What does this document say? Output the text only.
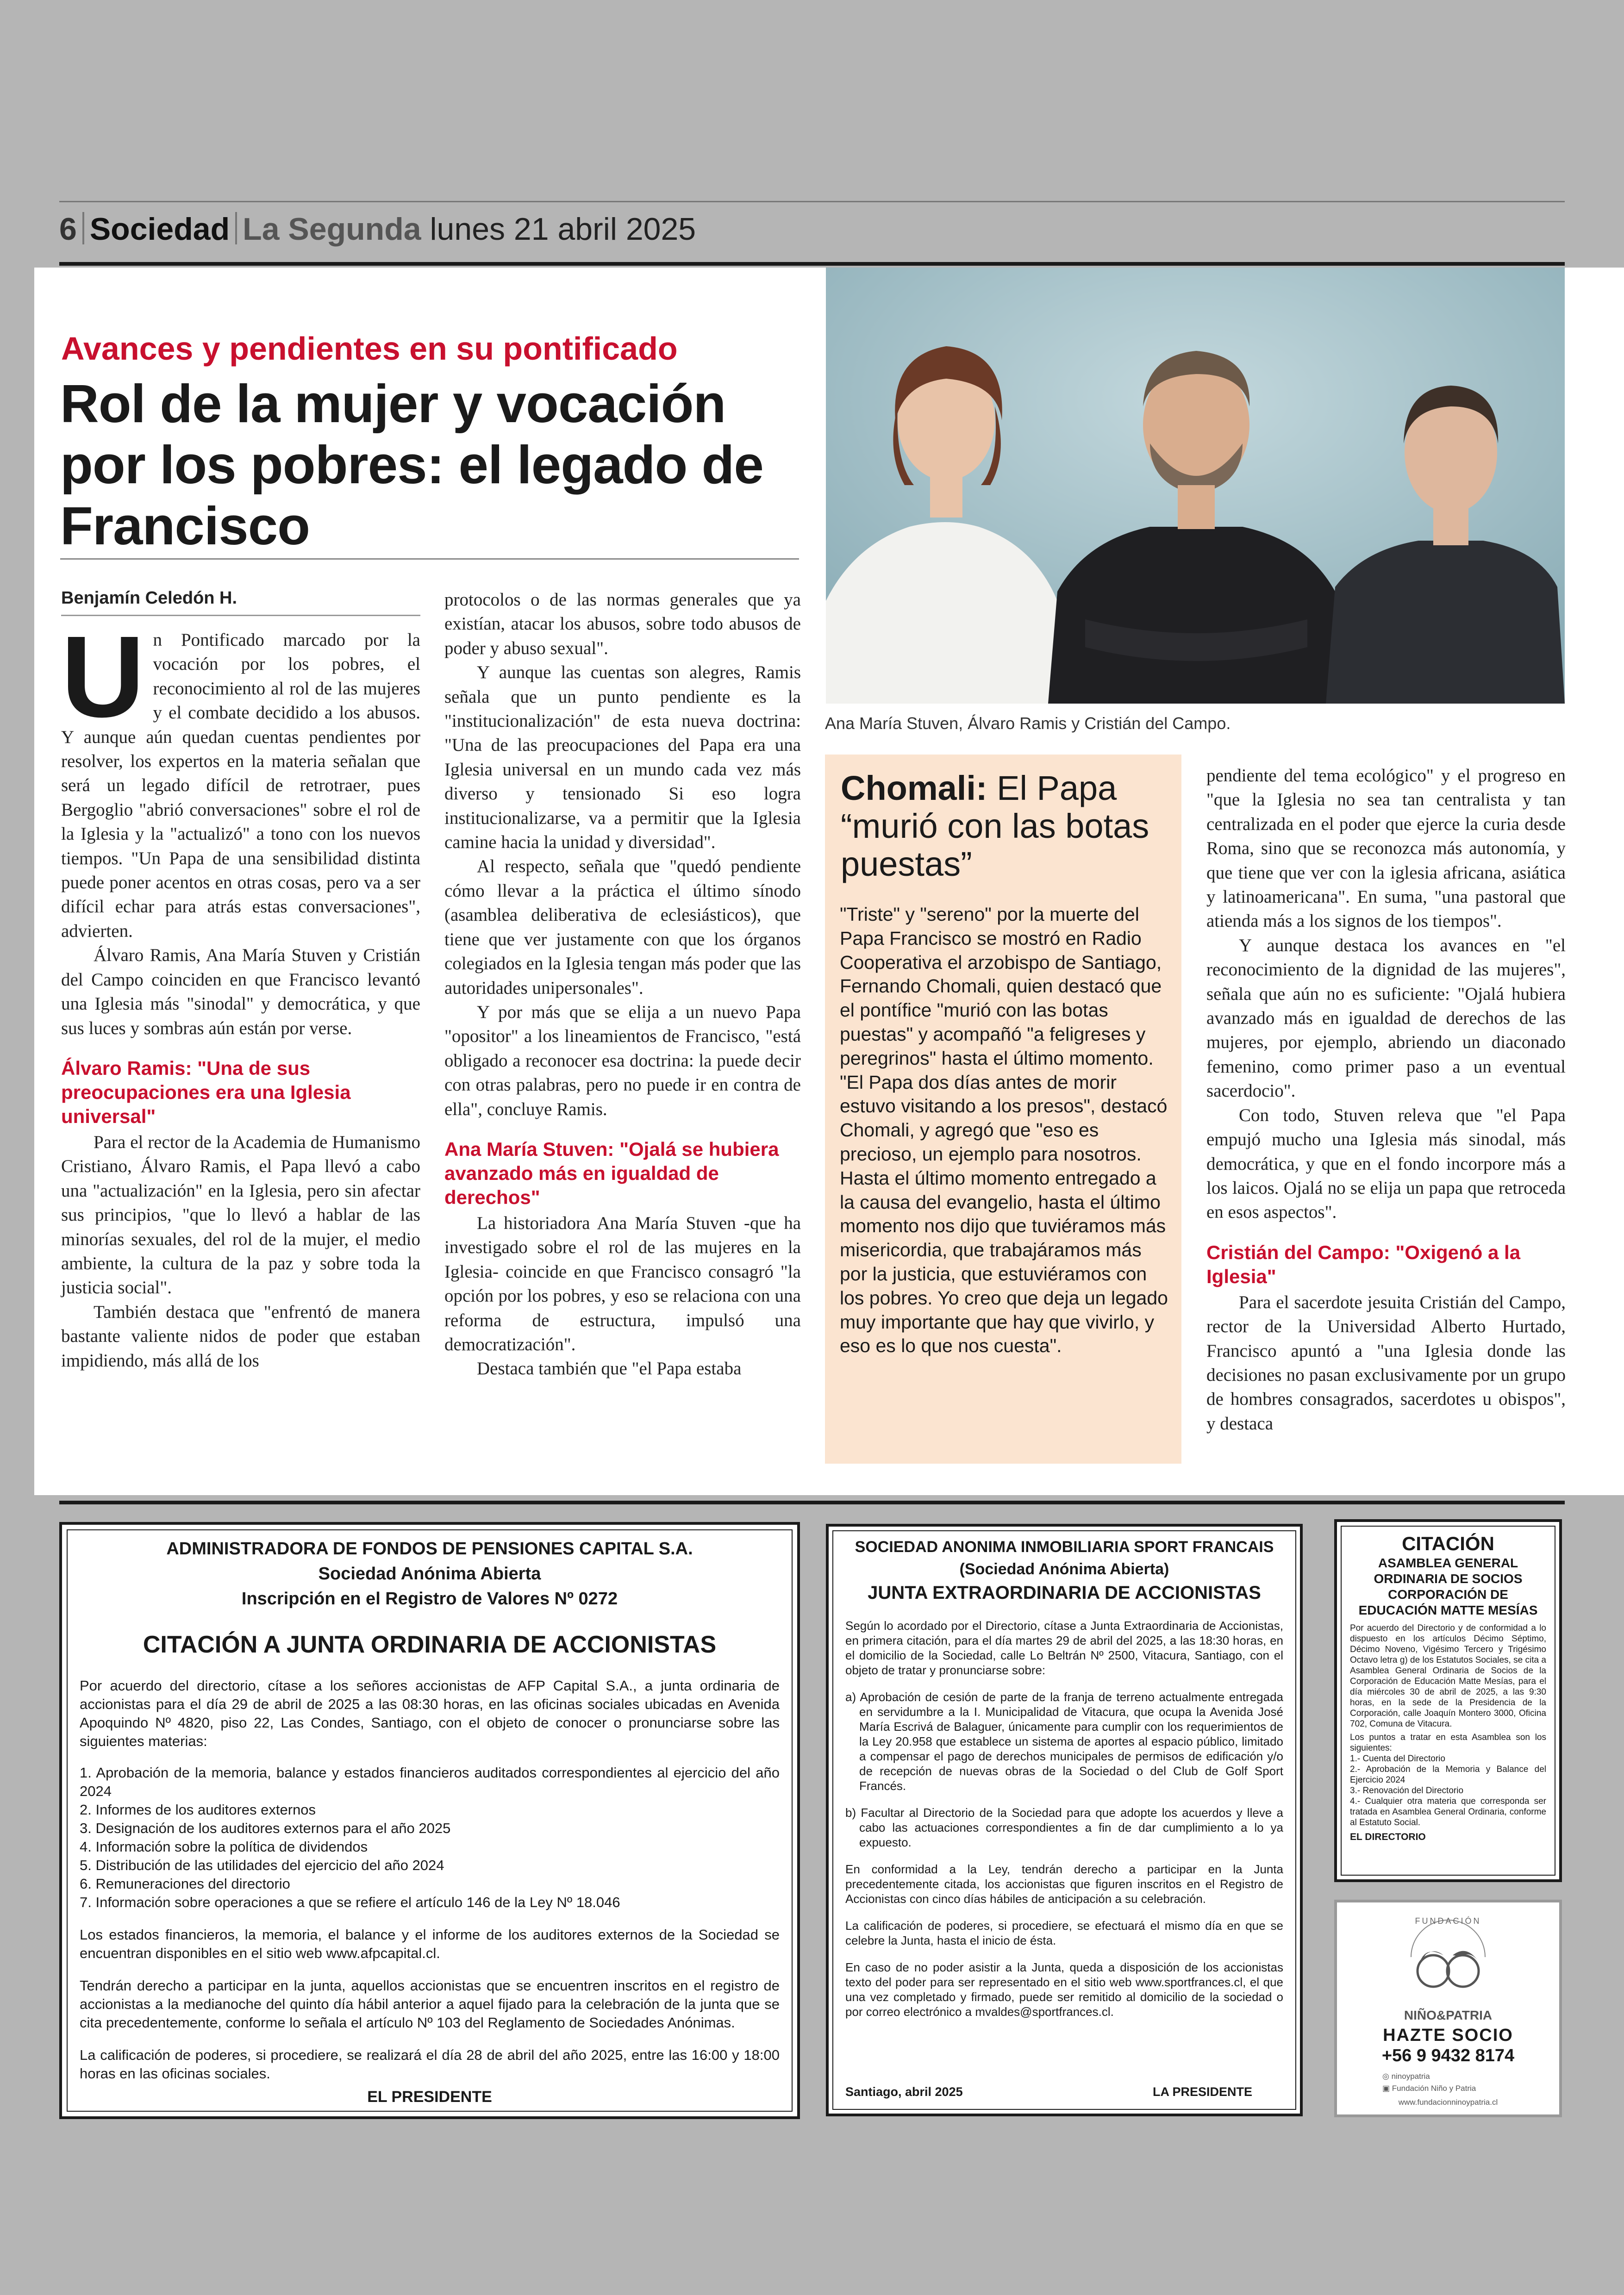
6 Sociedad La Segunda lunes 21 abril 2025
Avances y pendientes en su pontificado
Rol de la mujer y vocación por los pobres: el legado de Francisco
Ana María Stuven, Álvaro Ramis y Cristián del Campo.

Benjamín Celedón H.

Un Pontificado marcado por la vocación por los pobres, el reconocimiento al rol de las mujeres y el combate decidido a los abusos. Y aunque aún quedan cuentas pendientes por resolver, los expertos en la materia señalan que será un legado difícil de retrotraer, pues Bergoglio "abrió conversaciones" sobre el rol de la Iglesia y la "actualizó" a tono con los nuevos tiempos. "Un Papa de una sensibilidad distinta puede poner acentos en otras cosas, pero va a ser difícil echar para atrás estas conversaciones", advierten.

Álvaro Ramis, Ana María Stuven y Cristián del Campo coinciden en que Francisco levantó una Iglesia más "sinodal" y democrática, y que sus luces y sombras aún están por verse.

Álvaro Ramis: "Una de sus preocupaciones era una Iglesia universal"

Para el rector de la Academia de Humanismo Cristiano, Álvaro Ramis, el Papa llevó a cabo una "actualización" en la Iglesia, pero sin afectar sus principios, "que lo llevó a hablar de las minorías sexuales, del rol de la mujer, el medio ambiente, la cultura de la paz y sobre toda la justicia social".

También destaca que "enfrentó de manera bastante valiente nidos de poder que estaban impidiendo, más allá de los

protocolos o de las normas generales que ya existían, atacar los abusos, sobre todo abusos de poder y abuso sexual".

Y aunque las cuentas son alegres, Ramis señala que un punto pendiente es la "institucionalización" de esta nueva doctrina: "Una de las preocupaciones del Papa era una Iglesia universal en un mundo cada vez más diverso y tensionado Si eso logra institucionalizarse, va a permitir que la Iglesia camine hacia la unidad y diversidad".

Al respecto, señala que "quedó pendiente cómo llevar a la práctica el último sínodo (asamblea deliberativa de eclesiásticos), que tiene que ver justamente con que los órganos colegiados en la Iglesia tengan más poder que las autoridades unipersonales".

Y por más que se elija a un nuevo Papa "opositor" a los lineamientos de Francisco, "está obligado a reconocer esa doctrina: la puede decir con otras palabras, pero no puede ir en contra de ella", concluye Ramis.

Ana María Stuven: "Ojalá se hubiera avanzado más en igualdad de derechos"

La historiadora Ana María Stuven -que ha investigado sobre el rol de las mujeres en la Iglesia- coincide en que Francisco consagró "la opción por los pobres, y eso se relaciona con una reforma de estructura, impulsó una democratización".

Destaca también que "el Papa estaba

Chomali: El Papa “murió con las botas puestas”
"Triste" y "sereno" por la muerte del Papa Francisco se mostró en Radio Cooperativa el arzobispo de Santiago, Fernando Chomali, quien destacó que el pontífice "murió con las botas puestas" y acompañó "a feligreses y peregrinos" hasta el último momento. "El Papa dos días antes de morir estuvo visitando a los presos", destacó Chomali, y agregó que "eso es precioso, un ejemplo para nosotros. Hasta el último momento entregado a la causa del evangelio, hasta el último momento nos dijo que tuviéramos más misericordia, que trabajáramos más por la justicia, que estuviéramos con los pobres. Yo creo que deja un legado muy importante que hay que vivirlo, y eso es lo que nos cuesta".

pendiente del tema ecológico" y el progreso en "que la Iglesia no sea tan centralista y tan centralizada en el poder que ejerce la curia desde Roma, sino que se reconozca más autonomía, y que tiene que ver con la iglesia africana, asiática y latinoamericana". En suma, "una pastoral que atienda más a los signos de los tiempos".

Y aunque destaca los avances en "el reconocimiento de la dignidad de las mujeres", señala que aún no es suficiente: "Ojalá hubiera avanzado más en igualdad de derechos de las mujeres, por ejemplo, abriendo un diaconado femenino, como primer paso a un eventual sacerdocio".

Con todo, Stuven releva que "el Papa empujó mucho una Iglesia más sinodal, más democrática, y que en el fondo incorpore más a los laicos. Ojalá no se elija un papa que retroceda en esos aspectos".

Cristián del Campo: "Oxigenó a la Iglesia"

Para el sacerdote jesuita Cristián del Campo, rector de la Universidad Alberto Hurtado, Francisco apuntó a "una Iglesia donde las decisiones no pasan exclusivamente por un grupo de hombres consagrados, sacerdotes u obispos", y destaca

ADMINISTRADORA DE FONDOS DE PENSIONES CAPITAL S.A.
Sociedad Anónima Abierta
Inscripción en el Registro de Valores Nº 0272
CITACIÓN A JUNTA ORDINARIA DE ACCIONISTAS
Por acuerdo del directorio, cítase a los señores accionistas de AFP Capital S.A., a junta ordinaria de accionistas para el día 29 de abril de 2025 a las 08:30 horas, en las oficinas sociales ubicadas en Avenida Apoquindo Nº 4820, piso 22, Las Condes, Santiago, con el objeto de conocer o pronunciarse sobre las siguientes materias:
1. Aprobación de la memoria, balance y estados financieros auditados correspondientes al ejercicio del año 2024
2. Informes de los auditores externos
3. Designación de los auditores externos para el año 2025
4. Información sobre la política de dividendos
5. Distribución de las utilidades del ejercicio del año 2024
6. Remuneraciones del directorio
7. Información sobre operaciones a que se refiere el artículo 146 de la Ley Nº 18.046
Los estados financieros, la memoria, el balance y el informe de los auditores externos de la Sociedad se encuentran disponibles en el sitio web www.afpcapital.cl.
Tendrán derecho a participar en la junta, aquellos accionistas que se encuentren inscritos en el registro de accionistas a la medianoche del quinto día hábil anterior a aquel fijado para la celebración de la junta que se cita precedentemente, conforme lo señala el artículo Nº 103 del Reglamento de Sociedades Anónimas.
La calificación de poderes, si procediere, se realizará el día 28 de abril del año 2025, entre las 16:00 y 18:00 horas en las oficinas sociales.
EL PRESIDENTE
SOCIEDAD ANONIMA INMOBILIARIA SPORT FRANCAIS
(Sociedad Anónima Abierta)
JUNTA EXTRAORDINARIA DE ACCIONISTAS
Según lo acordado por el Directorio, cítase a Junta Extraordinaria de Accionistas, en primera citación, para el día martes 29 de abril del 2025, a las 18:30 horas, en el domicilio de la Sociedad, calle Lo Beltrán Nº 2500, Vitacura, Santiago, con el objeto de tratar y pronunciarse sobre:
a) Aprobación de cesión de parte de la franja de terreno actualmente entregada en servidumbre a la I. Municipalidad de Vitacura, que ocupa la Avenida José María Escrivá de Balaguer, únicamente para cumplir con los requerimientos de la Ley 20.958 que establece un sistema de aportes al espacio público, limitado a compensar el pago de derechos municipales de permisos de edificación y/o de recepción de nuevas obras de la Sociedad o del Club de Golf Sport Francés.
b) Facultar al Directorio de la Sociedad para que adopte los acuerdos y lleve a cabo las actuaciones correspondientes a fin de dar cumplimiento a lo ya expuesto.
En conformidad a la Ley, tendrán derecho a participar en la Junta precedentemente citada, los accionistas que figuren inscritos en el Registro de Accionistas con cinco días hábiles de anticipación a su celebración.
La calificación de poderes, si procediere, se efectuará el mismo día en que se celebre la Junta, hasta el inicio de ésta.
En caso de no poder asistir a la Junta, queda a disposición de los accionistas texto del poder para ser representado en el sitio web www.sportfrances.cl, el que una vez completado y firmado, puede ser remitido al domicilio de la sociedad o por correo electrónico a mvaldes@sportfrances.cl.
Santiago, abril 2025	LA PRESIDENTE
CITACIÓN
ASAMBLEA GENERAL ORDINARIA DE SOCIOS CORPORACIÓN DE EDUCACIÓN MATTE MESÍAS
Por acuerdo del Directorio y de conformidad a lo dispuesto en los artículos Décimo Séptimo, Décimo Noveno, Vigésimo Tercero y Trigésimo Octavo letra g) de los Estatutos Sociales, se cita a Asamblea General Ordinaria de Socios de la Corporación de Educación Matte Mesías, para el día miércoles 30 de abril de 2025, a las 9:30 horas, en la sede de la Presidencia de la Corporación, calle Joaquín Montero 3000, Oficina 702, Comuna de Vitacura.
Los puntos a tratar en esta Asamblea son los siguientes:
1.- Cuenta del Directorio
2.- Aprobación de la Memoria y Balance del Ejercicio 2024
3.- Renovación del Directorio
4.- Cualquier otra materia que corresponda ser tratada en Asamblea General Ordinaria, conforme al Estatuto Social.
EL DIRECTORIO
FUNDACIÓN
NIÑO&PATRIA
HAZTE SOCIO
+56 9 9432 8174
◎ ninoypatria
▣ Fundación Niño y Patria
www.fundacionninoypatria.cl
